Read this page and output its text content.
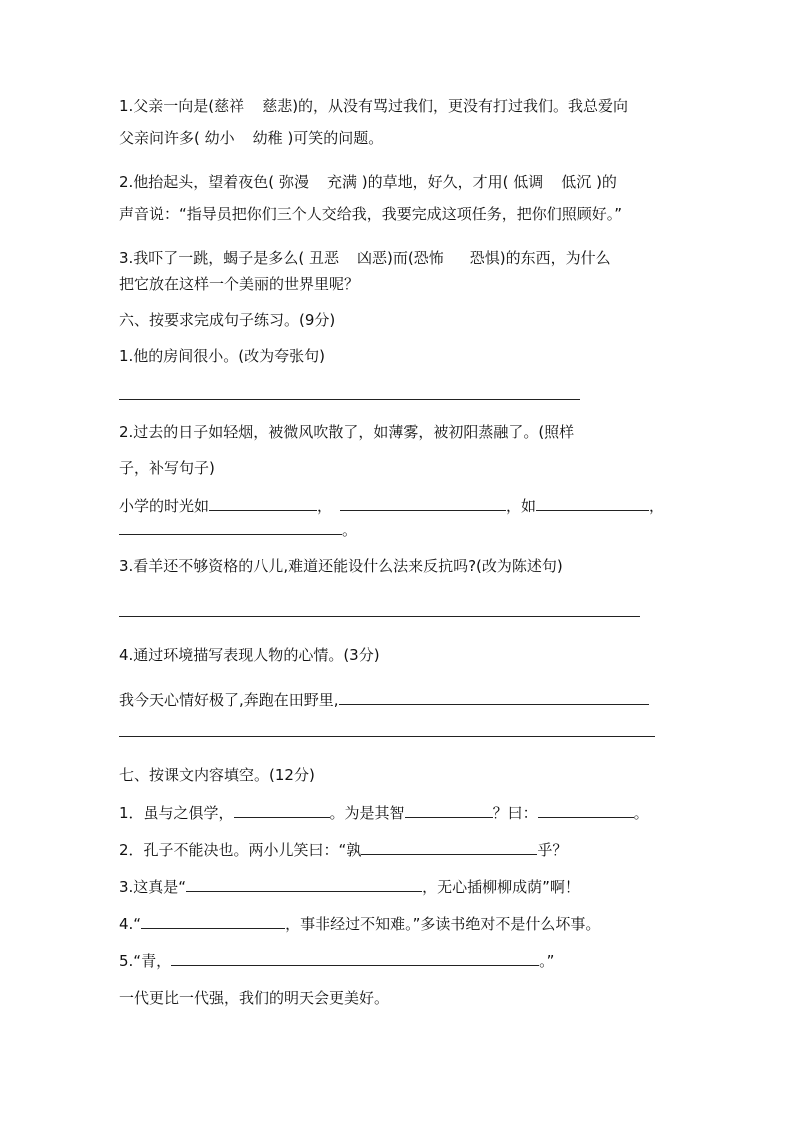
1.父亲一向是(慈祥 慈悲)的，从没有骂过我们，更没有打过我们。我总爱向
父亲问许多( 幼小 幼稚 )可笑的问题。
2.他抬起头，望着夜色( 弥漫 充满 )的草地，好久，才用( 低调 低沉 )的
声音说：“指导员把你们三个人交给我，我要完成这项任务，把你们照顾好。”
3.我吓了一跳，蝎子是多么( 丑恶 凶恶)而(恐怖 恐惧)的东西，为什么
把它放在这样一个美丽的世界里呢？
六、按要求完成句子练习。(9分)
1.他的房间很小。(改为夸张句)
2.过去的日子如轻烟，被微风吹散了，如薄雾，被初阳蒸融了。(照样
子，补写句子)
小学的时光如	，	，如	，
。
3.看羊还不够资格的八儿,难道还能设什么法来反抗吗?(改为陈述句)
4.通过环境描写表现人物的心情。(3分)
我今天心情好极了,奔跑在田野里,
七、按课文内容填空。(12分)
1．虽与之俱学，	。为是其智	？曰：	。
2．孔子不能决也。两小儿笑曰：“孰	乎？
3.这真是“	，无心插柳柳成荫”啊！
4.“	，事非经过不知难。”多读书绝对不是什么坏事。
5.“青，	。”
一代更比一代强，我们的明天会更美好。
